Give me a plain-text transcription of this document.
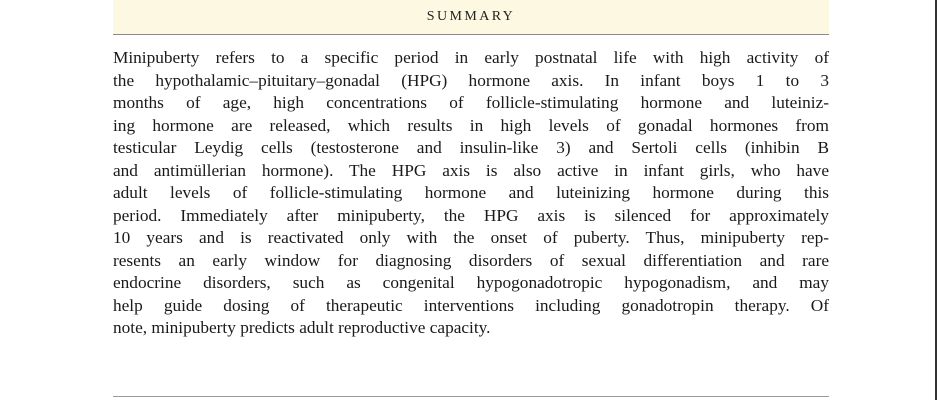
SUMMARY
Minipuberty refers to a specific period in early postnatal life with high activity of
the hypothalamic–pituitary–gonadal (HPG) hormone axis. In infant boys 1 to 3
months of age, high concentrations of follicle-stimulating hormone and luteiniz-
ing hormone are released, which results in high levels of gonadal hormones from
testicular Leydig cells (testosterone and insulin-like 3) and Sertoli cells (inhibin B
and antimüllerian hormone). The HPG axis is also active in infant girls, who have
adult levels of follicle-stimulating hormone and luteinizing hormone during this
period. Immediately after minipuberty, the HPG axis is silenced for approximately
10 years and is reactivated only with the onset of puberty. Thus, minipuberty rep-
resents an early window for diagnosing disorders of sexual differentiation and rare
endocrine disorders, such as congenital hypogonadotropic hypogonadism, and may
help guide dosing of therapeutic interventions including gonadotropin therapy. Of
note, minipuberty predicts adult reproductive capacity.
